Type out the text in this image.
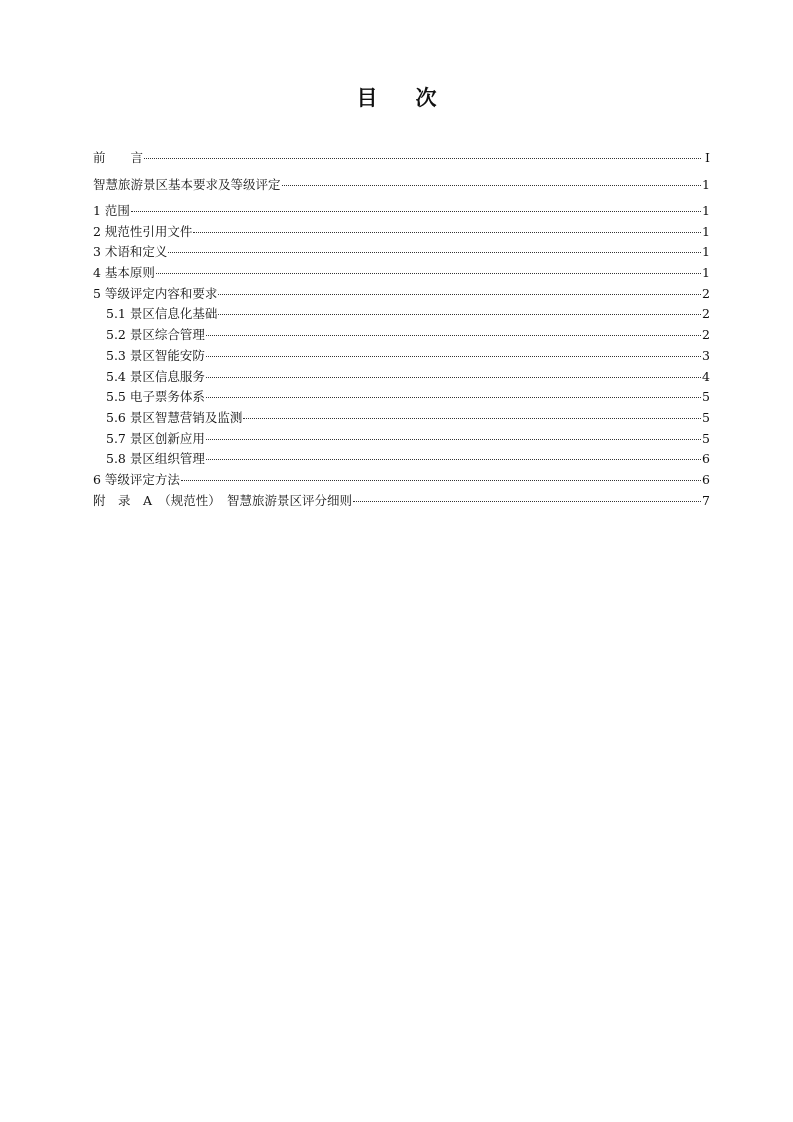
目 次
前　　言	I
智慧旅游景区基本要求及等级评定	1
1 范围	1
2 规范性引用文件	1
3 术语和定义	1
4 基本原则	1
5 等级评定内容和要求	2
5.1 景区信息化基础	2
5.2 景区综合管理	2
5.3 景区智能安防	3
5.4 景区信息服务	4
5.5 电子票务体系	5
5.6 景区智慧营销及监测	5
5.7 景区创新应用	5
5.8 景区组织管理	6
6 等级评定方法	6
附　录　A　（规范性）　智慧旅游景区评分细则	7
